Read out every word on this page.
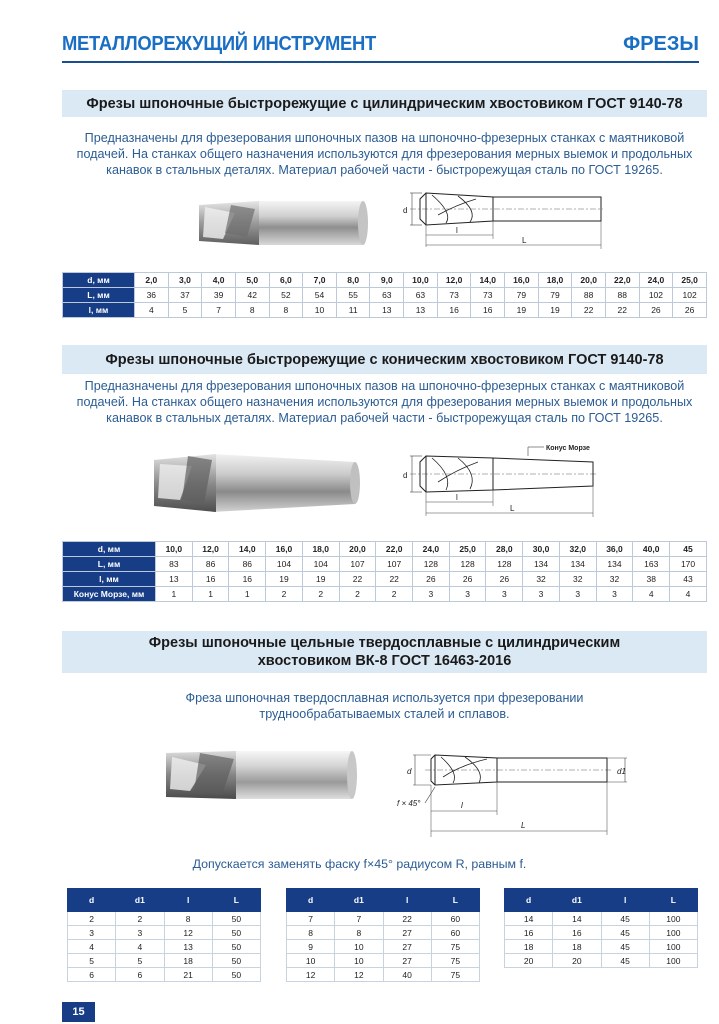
МЕТАЛЛОРЕЖУЩИЙ ИНСТРУМЕНТ	ФРЕЗЫ
Фрезы шпоночные быстрорежущие с цилиндрическим хвостовиком ГОСТ 9140-78
Предназначены для фрезерования шпоночных пазов на шпоночно-фрезерных станках с маятниковой
подачей. На станках общего назначения используются для фрезерования мерных выемок и продольных
канавок в стальных деталях. Материал рабочей части - быстрорежущая сталь по ГОСТ 19265.
d
l
L
d, мм	2,0	3,0	4,0	5,0	6,0	7,0	8,0	9,0	10,0	12,0	14,0	16,0	18,0	20,0	22,0	24,0	25,0
L, мм	36	37	39	42	52	54	55	63	63	73	73	79	79	88	88	102	102
l, мм	4	5	7	8	8	10	11	13	13	16	16	19	19	22	22	26	26
Фрезы шпоночные быстрорежущие с коническим хвостовиком ГОСТ 9140-78
Предназначены для фрезерования шпоночных пазов на шпоночно-фрезерных станках с маятниковой
подачей. На станках общего назначения используются для фрезерования мерных выемок и продольных
канавок в стальных деталях. Материал рабочей части - быстрорежущая сталь по ГОСТ 19265.
Конус Морзе
d
l
L
d, мм	10,0	12,0	14,0	16,0	18,0	20,0	22,0	24,0	25,0	28,0	30,0	32,0	36,0	40,0	45
L, мм	83	86	86	104	104	107	107	128	128	128	134	134	134	163	170
l, мм	13	16	16	19	19	22	22	26	26	26	32	32	32	38	43
Конус Морзе, мм	1	1	1	2	2	2	2	3	3	3	3	3	3	4	4
Фрезы шпоночные цельные твердосплавные с цилиндрическим
хвостовиком ВК-8 ГОСТ 16463-2016
Фреза шпоночная твердосплавная используется при фрезеровании
труднообрабатываемых сталей и сплавов.
d	d1
f × 45°	l
L
Допускается заменять фаску f×45° радиусом R, равным f.
d	d1	l	L
2	2	8	50
3	3	12	50
4	4	13	50
5	5	18	50
6	6	21	50
d	d1	l	L
7	7	22	60
8	8	27	60
9	10	27	75
10	10	27	75
12	12	40	75
d	d1	l	L
14	14	45	100
16	16	45	100
18	18	45	100
20	20	45	100
15
